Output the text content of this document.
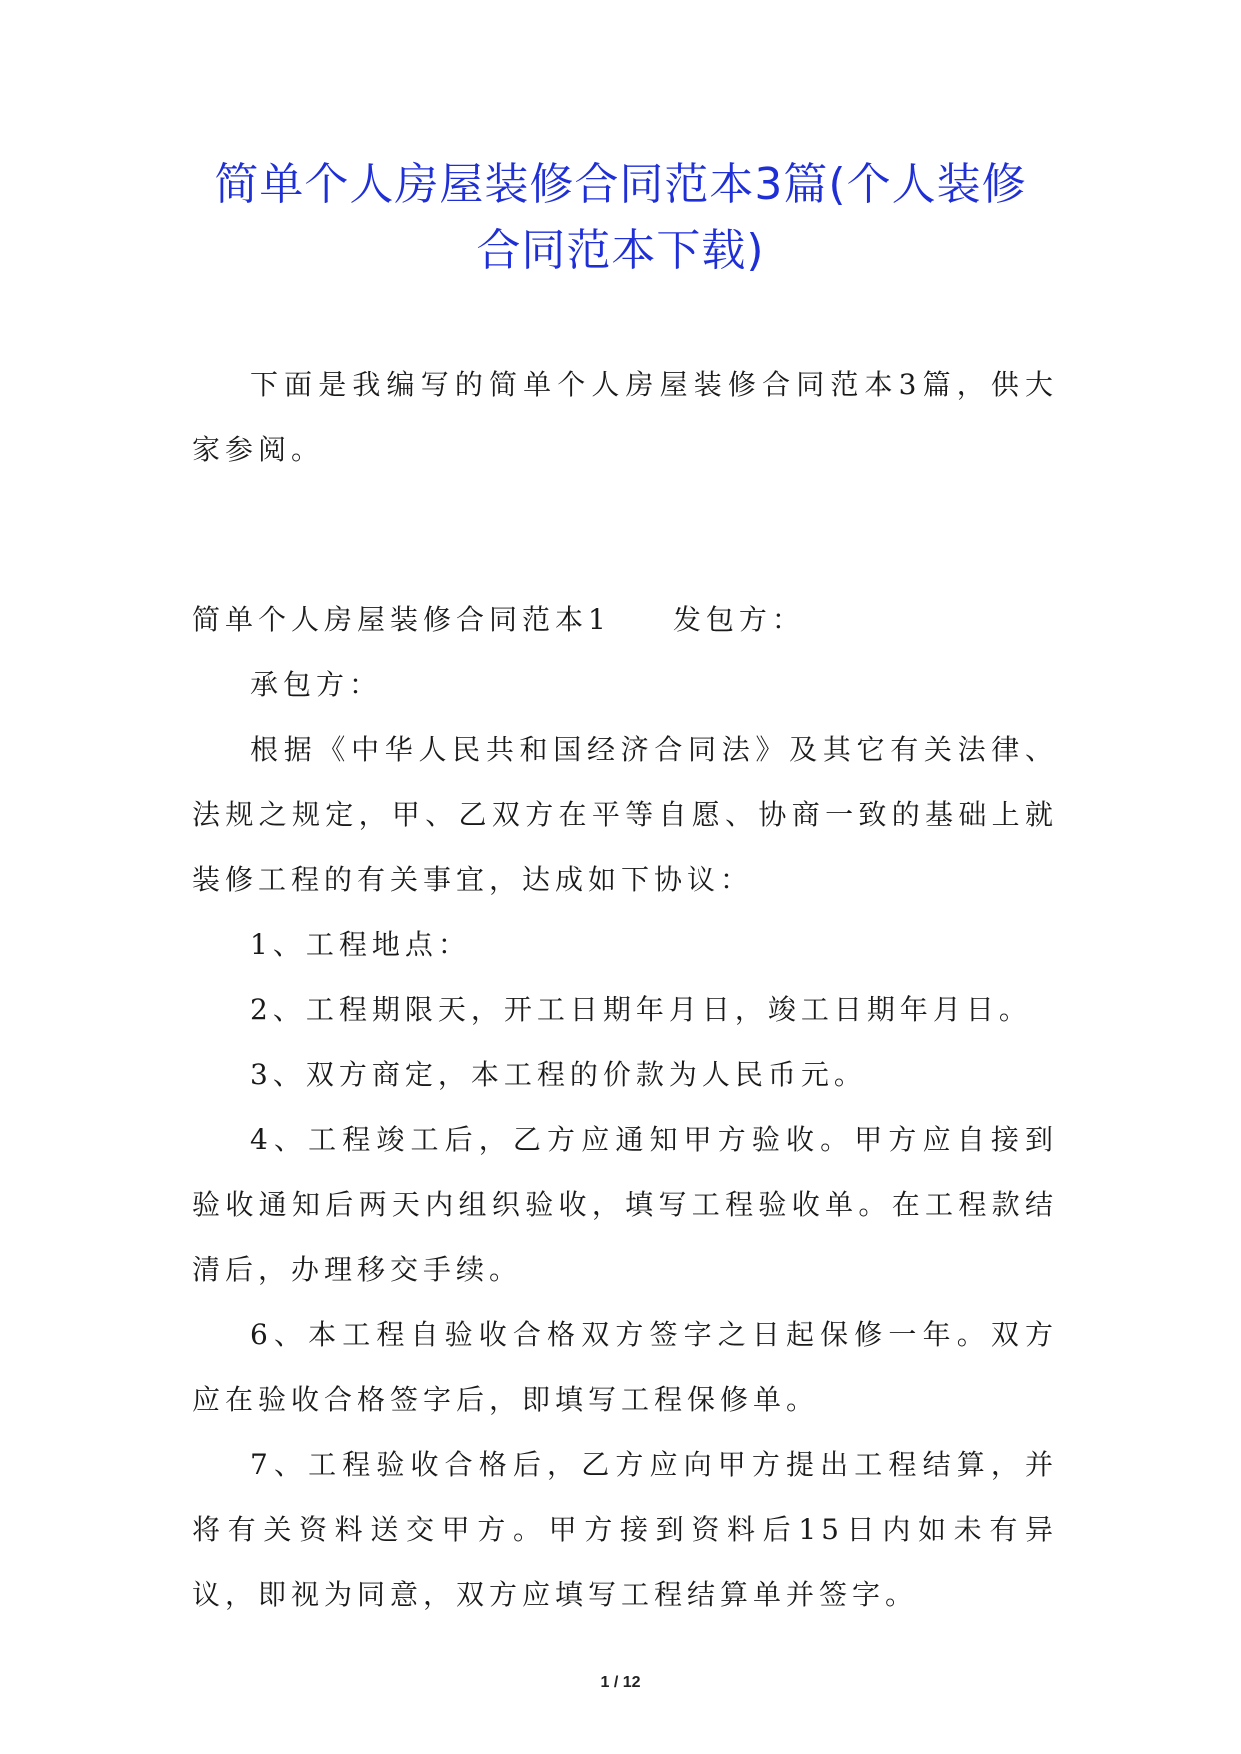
简单个人房屋装修合同范本3篇(个人装修
合同范本下载)

下面是我编写的简单个人房屋装修合同范本3篇，供大家参阅。

简单个人房屋装修合同范本1 发包方：

承包方：

根据《中华人民共和国经济合同法》及其它有关法律、法规之规定，甲、乙双方在平等自愿、协商一致的基础上就装修工程的有关事宜，达成如下协议：

1、工程地点：

2、工程期限天，开工日期年月日，竣工日期年月日。

3、双方商定，本工程的价款为人民币元。

4、工程竣工后，乙方应通知甲方验收。甲方应自接到验收通知后两天内组织验收，填写工程验收单。在工程款结清后，办理移交手续。

6、本工程自验收合格双方签字之日起保修一年。双方应在验收合格签字后，即填写工程保修单。

7、工程验收合格后，乙方应向甲方提出工程结算，并将有关资料送交甲方。甲方接到资料后15日内如未有异议，即视为同意，双方应填写工程结算单并签字。

1 / 12
